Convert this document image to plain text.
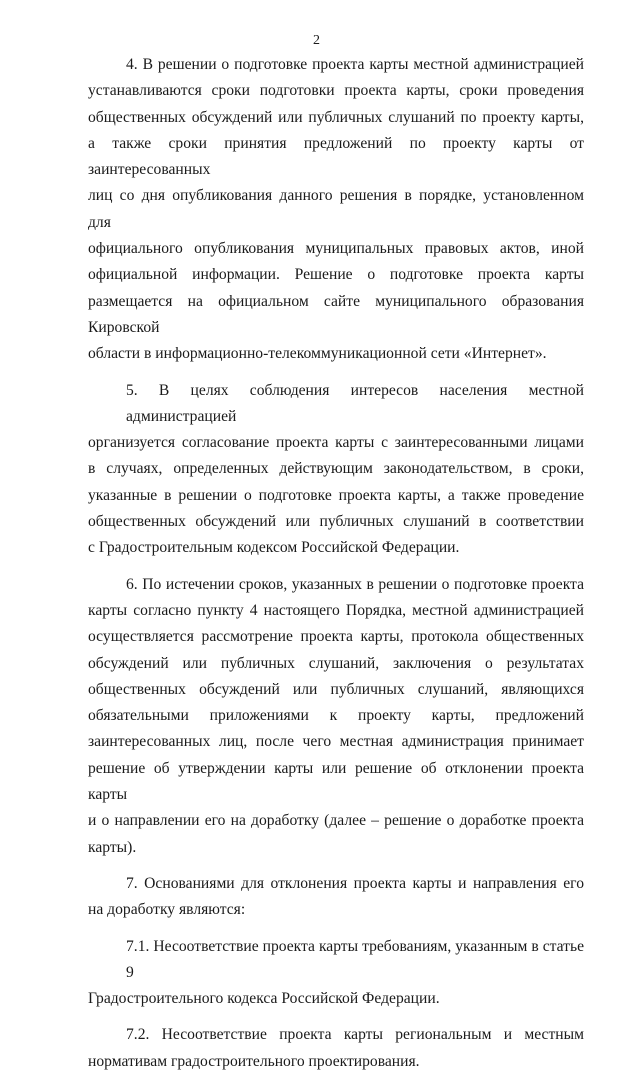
2
4. В решении о подготовке проекта карты местной администрацией
устанавливаются сроки подготовки проекта карты, сроки проведения
общественных обсуждений или публичных слушаний по проекту карты,
а также сроки принятия предложений по проекту карты от заинтересованных
лиц со дня опубликования данного решения в порядке, установленном для
официального опубликования муниципальных правовых актов, иной
официальной информации. Решение о подготовке проекта карты
размещается на официальном сайте муниципального образования Кировской
области в информационно-телекоммуникационной сети «Интернет».
5. В целях соблюдения интересов населения местной администрацией
организуется согласование проекта карты с заинтересованными лицами
в случаях, определенных действующим законодательством, в сроки,
указанные в решении о подготовке проекта карты, а также проведение
общественных обсуждений или публичных слушаний в соответствии
с Градостроительным кодексом Российской Федерации.
6. По истечении сроков, указанных в решении о подготовке проекта
карты согласно пункту 4 настоящего Порядка, местной администрацией
осуществляется рассмотрение проекта карты, протокола общественных
обсуждений или публичных слушаний, заключения о результатах
общественных обсуждений или публичных слушаний, являющихся
обязательными приложениями к проекту карты, предложений
заинтересованных лиц, после чего местная администрация принимает
решение об утверждении карты или решение об отклонении проекта карты
и о направлении его на доработку (далее – решение о доработке проекта
карты).
7. Основаниями для отклонения проекта карты и направления его
на доработку являются:
7.1. Несоответствие проекта карты требованиям, указанным в статье 9
Градостроительного кодекса Российской Федерации.
7.2. Несоответствие проекта карты региональным и местным
нормативам градостроительного проектирования.
